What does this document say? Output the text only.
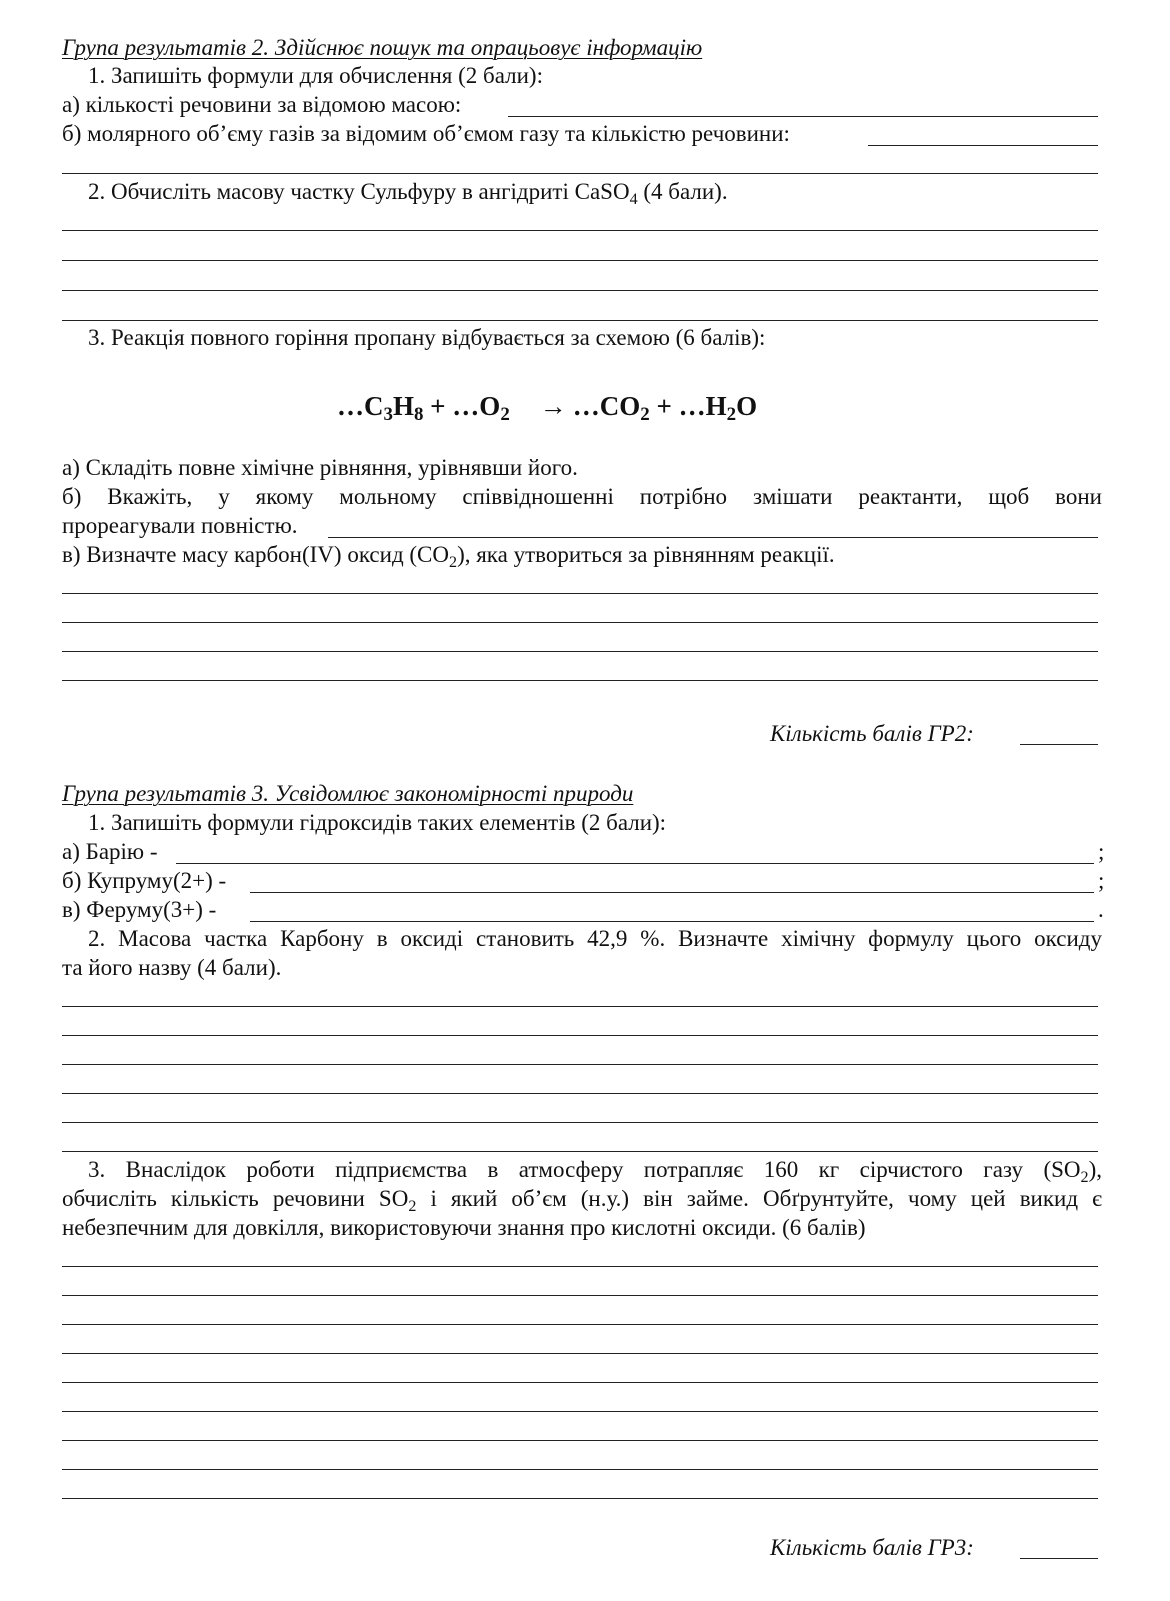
Група результатів 2. Здійснює пошук та опрацьовує інформацію
1. Запишіть формули для обчислення (2 бали):
а) кількості речовини за відомою масою:
б) молярного об’єму газів за відомим об’ємом газу та кількістю речовини:
2. Обчисліть масову частку Сульфуру в ангідриті CaSO$_4$ (4 бали).
3. Реакція повного горіння пропану відбувається за схемою (6 балів):
$\dots C_3H_8$ + $\dots O_2$ → $\dots CO_2$ + $\dots H_2O$
а) Складіть повне хімічне рівняння, урівнявши його.
б) Вкажіть, у якому мольному співвідношенні потрібно змішати реактанти, щоб вони
прореагували повністю.
в) Визначте масу карбон(IV) оксид $(CO_2)$, яка утвориться за рівнянням реакції.
Кількість балів ГР2:
Група результатів 3. Усвідомлює закономірності природи
1. Запишіть формули гідроксидів таких елементів (2 бали):
а) Барію -	;
б) Купруму(2+) -	;
в) Феруму(3+) -	.
2. Масова частка Карбону в оксиді становить 42,9 %. Визначте хімічну формулу цього оксиду
та його назву (4 бали).
3. Внаслідок роботи підприємства в атмосферу потрапляє 160 кг сірчистого газу $(SO_2)$,
обчисліть кількість речовини $SO_2$ і який об’єм (н.у.) він займе. Обґрунтуйте, чому цей викид є
небезпечним для довкілля, використовуючи знання про кислотні оксиди. (6 балів)
Кількість балів ГР3:
